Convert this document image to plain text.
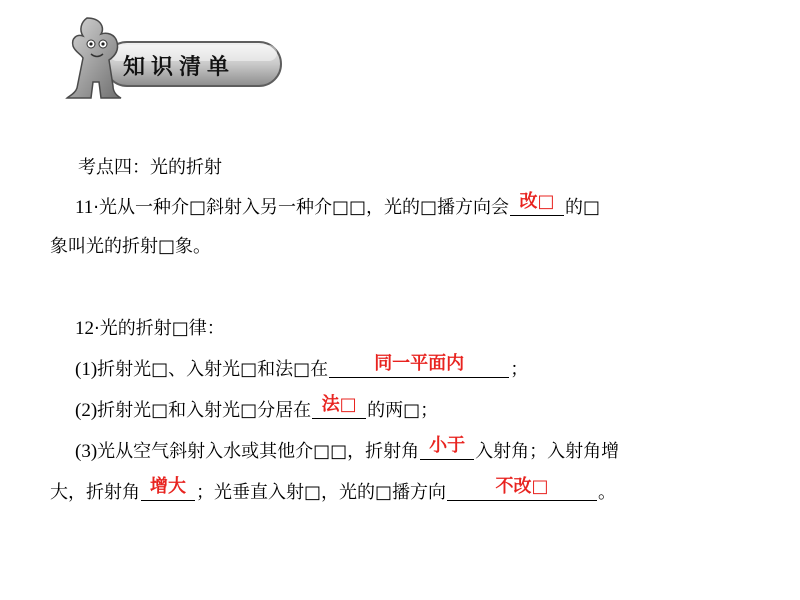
知识清单
考点四：光的折射
11·光从一种介□斜射入另一种介□□，光的□播方向会 改□ 的□
象叫光的折射□象。
12·光的折射□律：
(1)折射光□、入射光□和法□在	同一平面内	；
(2)折射光□和入射光□分居在 法□ 的两□；
(3)光从空气斜射入水或其他介□□，折射角 小于 入射角；入射角增
大，折射角 增大 ；光垂直入射□，光的□播方向	不改□	。
